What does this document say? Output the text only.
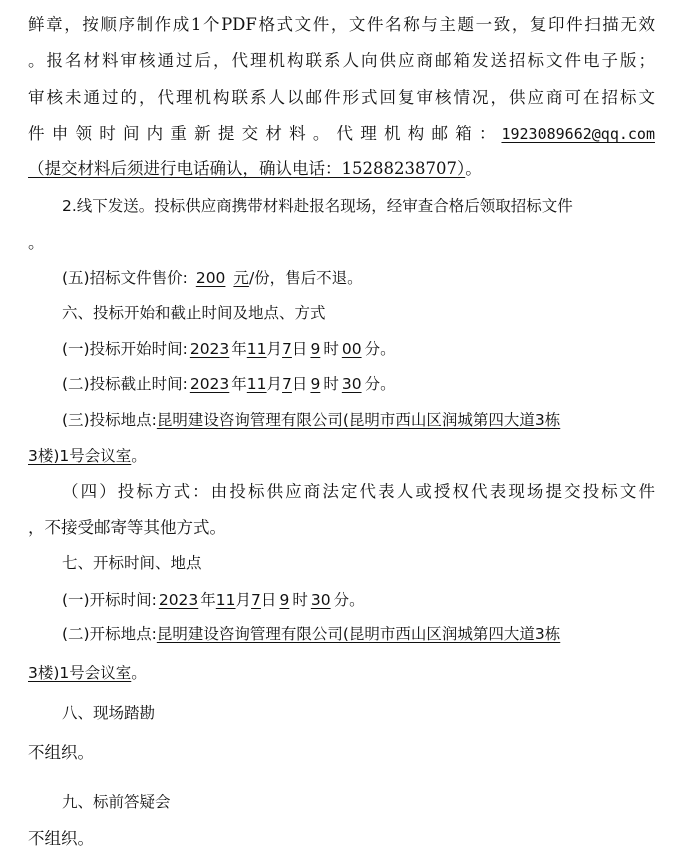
鲜章，按顺序制作成1个PDF格式文件，文件名称与主题一致，复印件扫描无效
。报名材料审核通过后，代理机构联系人向供应商邮箱发送招标文件电子版；
审核未通过的，代理机构联系人以邮件形式回复审核情况，供应商可在招标文
件申领时间内重新提交材料。代理机构邮箱： 1923089662@qq.com
（提交材料后须进行电话确认，确认电话：15288238707）。
2.线下发送。投标供应商携带材料赴报名现场，经审查合格后领取招标文件
。
(五)招标文件售价: 200 元/份，售后不退。
六、投标开始和截止时间及地点、方式
(一)投标开始时间: 2023 年11月7日 9 时 00 分。
(二)投标截止时间: 2023 年11月7日 9 时 30 分。
(三)投标地点:昆明建设咨询管理有限公司(昆明市西山区润城第四大道3栋
3楼)1号会议室。
（四）投标方式：由投标供应商法定代表人或授权代表现场提交投标文件
，不接受邮寄等其他方式。
七、开标时间、地点
(一)开标时间: 2023 年11月7日 9 时 30 分。
(二)开标地点:昆明建设咨询管理有限公司(昆明市西山区润城第四大道3栋
3楼)1号会议室。
八、现场踏勘
不组织。
九、标前答疑会
不组织。
